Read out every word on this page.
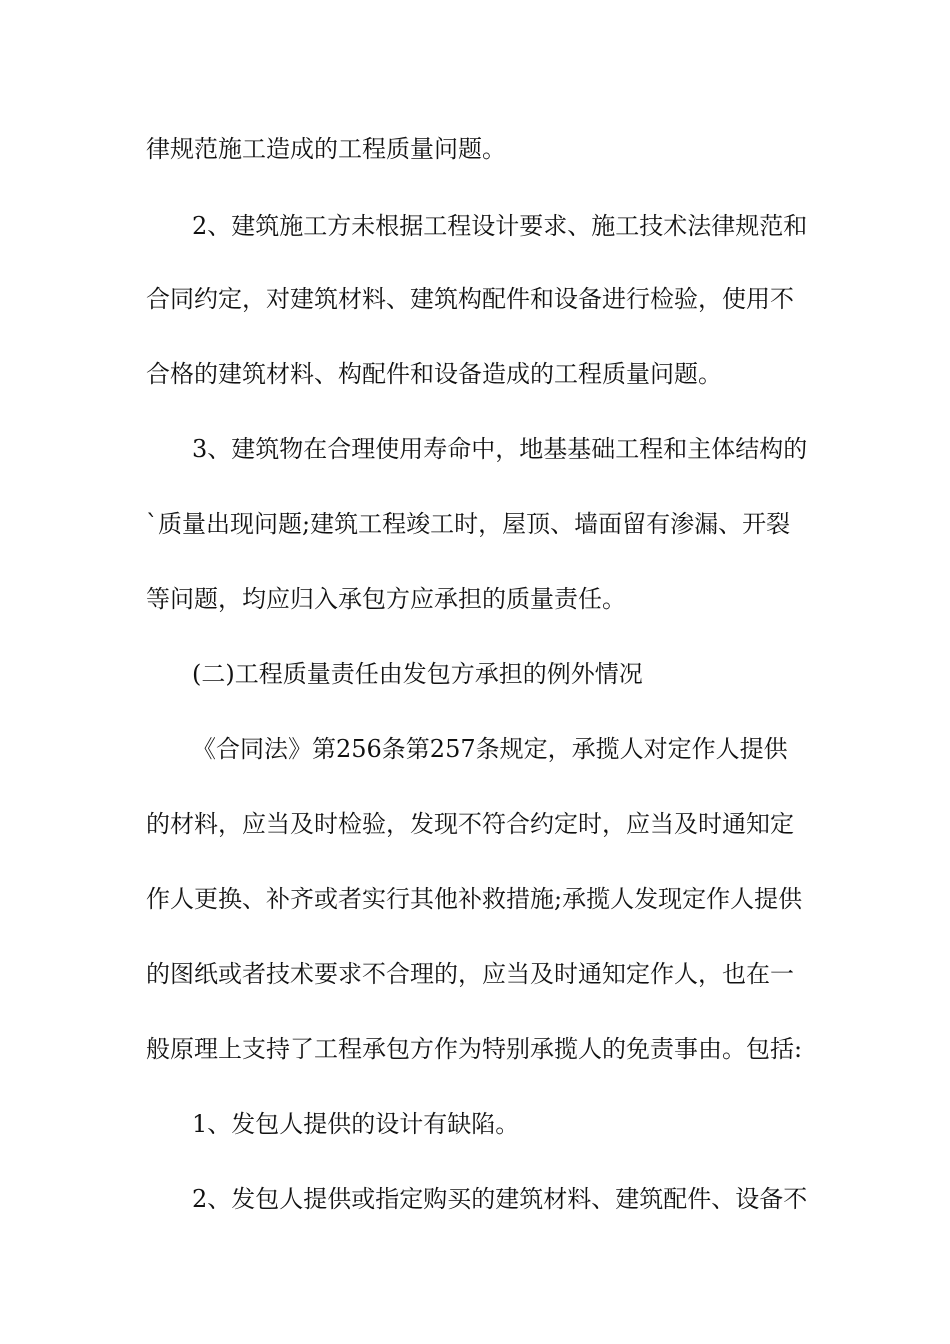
律规范施工造成的工程质量问题。
2、建筑施工方未根据工程设计要求、施工技术法律规范和
合同约定，对建筑材料、建筑构配件和设备进行检验，使用不
合格的建筑材料、构配件和设备造成的工程质量问题。
3、建筑物在合理使用寿命中，地基基础工程和主体结构的
`质量出现问题;建筑工程竣工时，屋顶、墙面留有渗漏、开裂
等问题，均应归入承包方应承担的质量责任。
(二)工程质量责任由发包方承担的例外情况
《合同法》第256条第257条规定，承揽人对定作人提供
的材料，应当及时检验，发现不符合约定时，应当及时通知定
作人更换、补齐或者实行其他补救措施;承揽人发现定作人提供
的图纸或者技术要求不合理的，应当及时通知定作人，也在一
般原理上支持了工程承包方作为特别承揽人的免责事由。包括:
1、发包人提供的设计有缺陷。
2、发包人提供或指定购买的建筑材料、建筑配件、设备不
